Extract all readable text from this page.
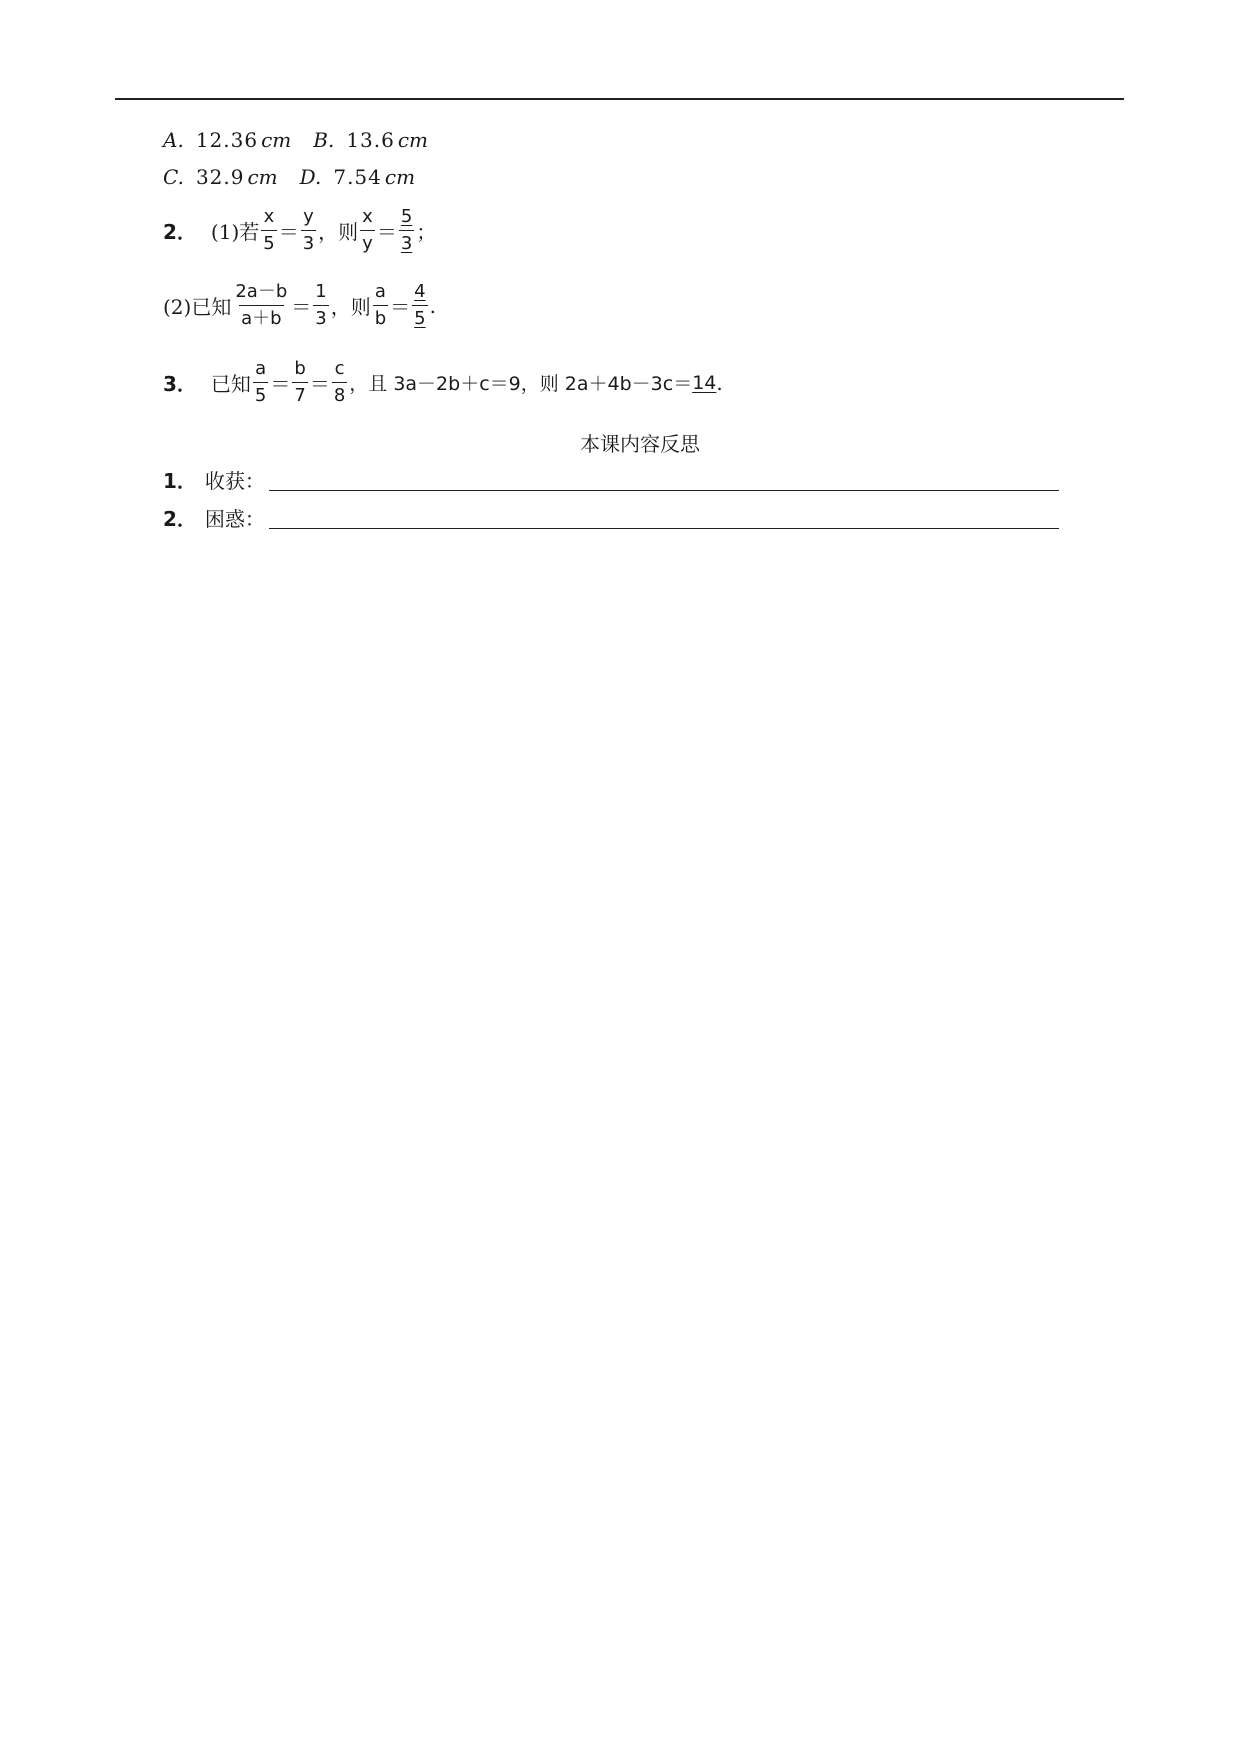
A. 12.36 cm B. 13.6 cm
C. 32.9 cm D. 7.54 cm
2． (1)若 $\frac{x}{5} = \frac{y}{3}$ ，则 $\frac{x}{y} = \frac{5}{3}$ ；
(2)已知 $\frac{2a-b}{a+b} = \frac{1}{3}$ ，则 $\frac{a}{b} = \frac{4}{5}$ .
3． 已知 $\frac{a}{5} = \frac{b}{7} = \frac{c}{8}$ ，且 3a－2b＋c＝9，则 2a＋4b－3c＝ 14 .
本课内容反思
1． 收获：
2． 困惑：
